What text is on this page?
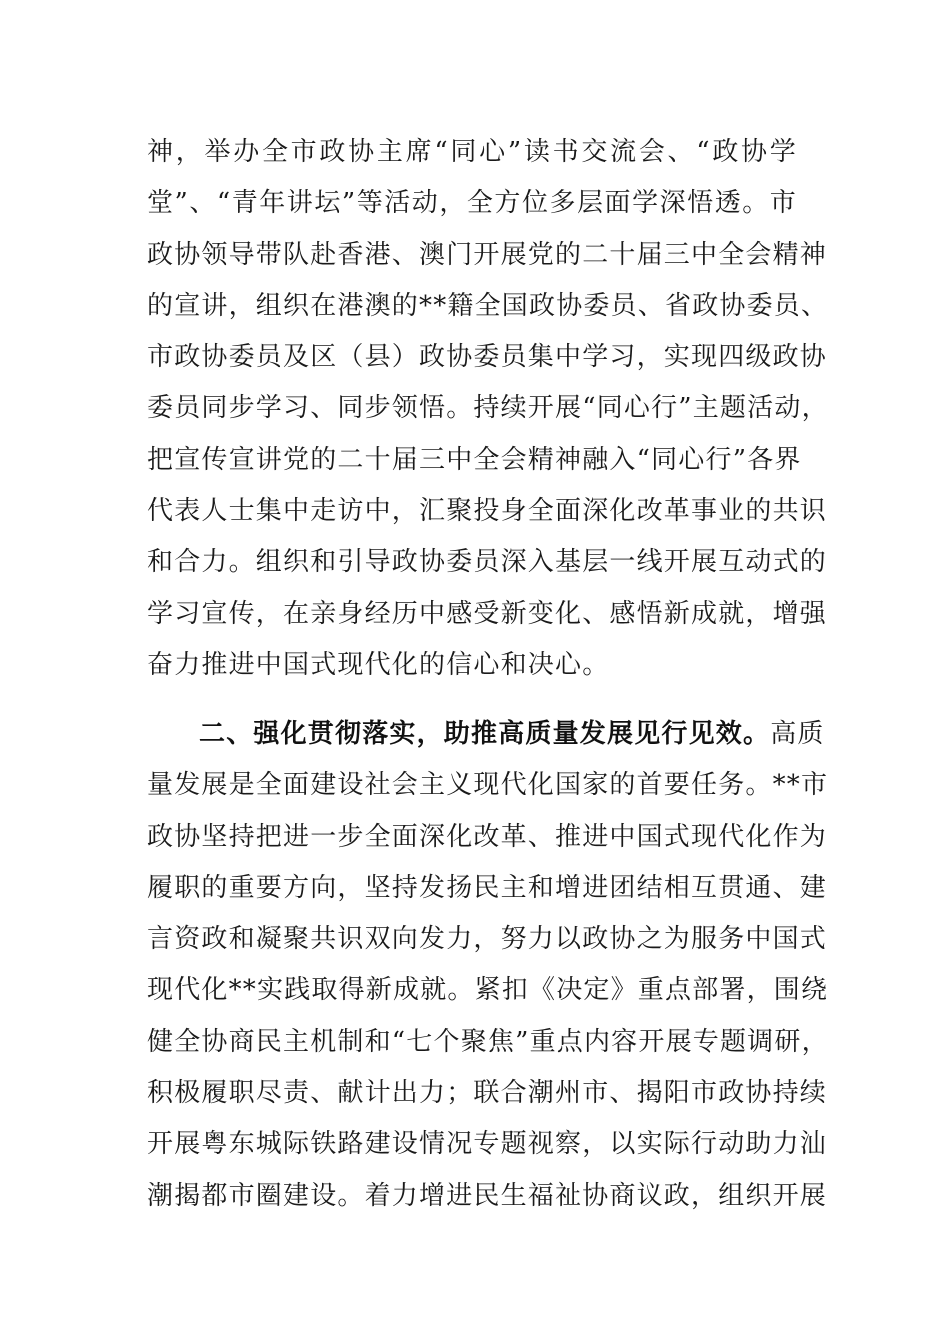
神，举办全市政协主席“同心”读书交流会、“政协学
堂”、“青年讲坛”等活动，全方位多层面学深悟透。市
政协领导带队赴香港、澳门开展党的二十届三中全会精神
的宣讲，组织在港澳的**籍全国政协委员、省政协委员、
市政协委员及区（县）政协委员集中学习，实现四级政协
委员同步学习、同步领悟。持续开展“同心行”主题活动，
把宣传宣讲党的二十届三中全会精神融入“同心行”各界
代表人士集中走访中，汇聚投身全面深化改革事业的共识
和合力。组织和引导政协委员深入基层一线开展互动式的
学习宣传，在亲身经历中感受新变化、感悟新成就，增强
奋力推进中国式现代化的信心和决心。
二、强化贯彻落实，助推高质量发展见行见效。高质
量发展是全面建设社会主义现代化国家的首要任务。**市
政协坚持把进一步全面深化改革、推进中国式现代化作为
履职的重要方向，坚持发扬民主和增进团结相互贯通、建
言资政和凝聚共识双向发力，努力以政协之为服务中国式
现代化**实践取得新成就。紧扣《决定》重点部署，围绕
健全协商民主机制和“七个聚焦”重点内容开展专题调研，
积极履职尽责、献计出力；联合潮州市、揭阳市政协持续
开展粤东城际铁路建设情况专题视察，以实际行动助力汕
潮揭都市圈建设。着力增进民生福祉协商议政，组织开展
